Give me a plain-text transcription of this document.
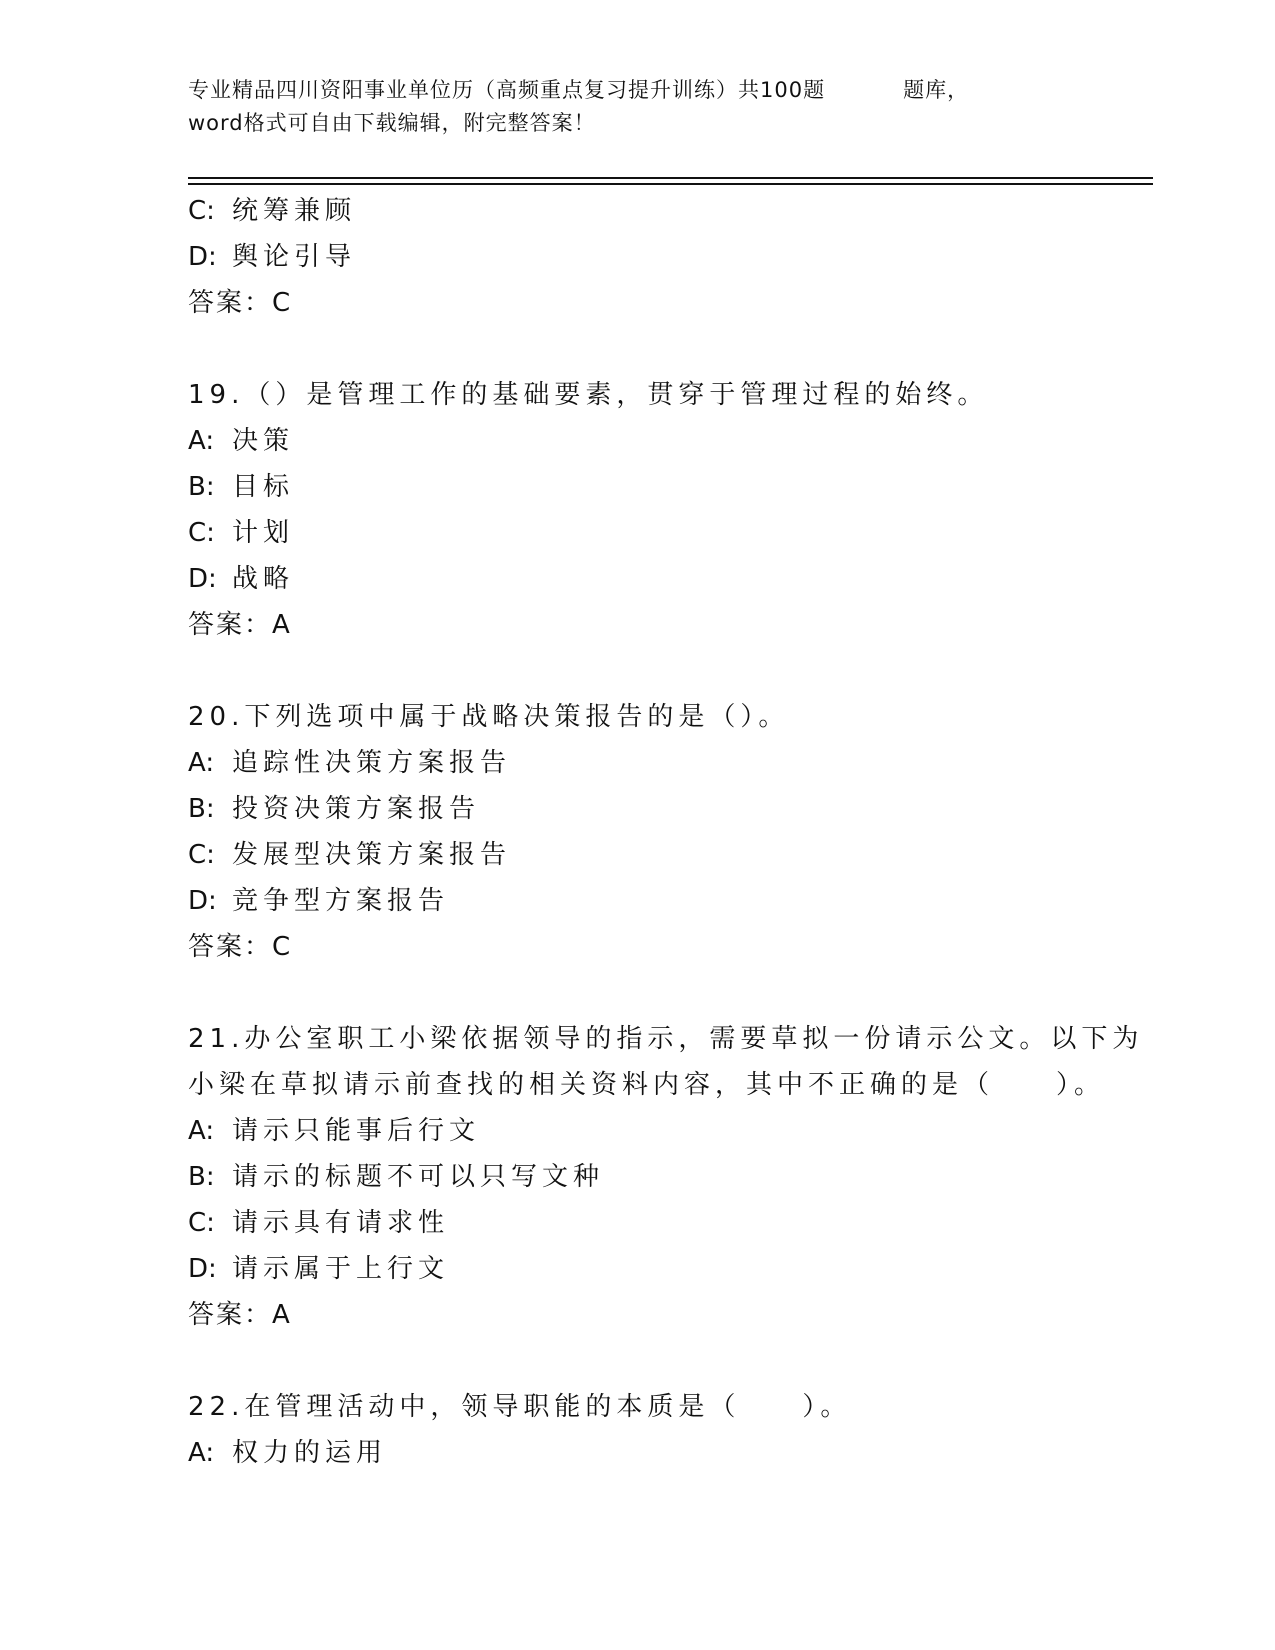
专业精品四川资阳事业单位历（高频重点复习提升训练）共100题	题库，
word格式可自由下载编辑，附完整答案！
C: 统筹兼顾
D: 舆论引导
答案：C
19.（）是管理工作的基础要素，贯穿于管理过程的始终。
A: 决策
B: 目标
C: 计划
D: 战略
答案：A
20.下列选项中属于战略决策报告的是（）。
A: 追踪性决策方案报告
B: 投资决策方案报告
C: 发展型决策方案报告
D: 竞争型方案报告
答案：C
21.办公室职工小梁依据领导的指示，需要草拟一份请示公文。以下为
小梁在草拟请示前查找的相关资料内容，其中不正确的是（　　）。
A: 请示只能事后行文
B: 请示的标题不可以只写文种
C: 请示具有请求性
D: 请示属于上行文
答案：A
22.在管理活动中，领导职能的本质是（　　）。
A: 权力的运用
